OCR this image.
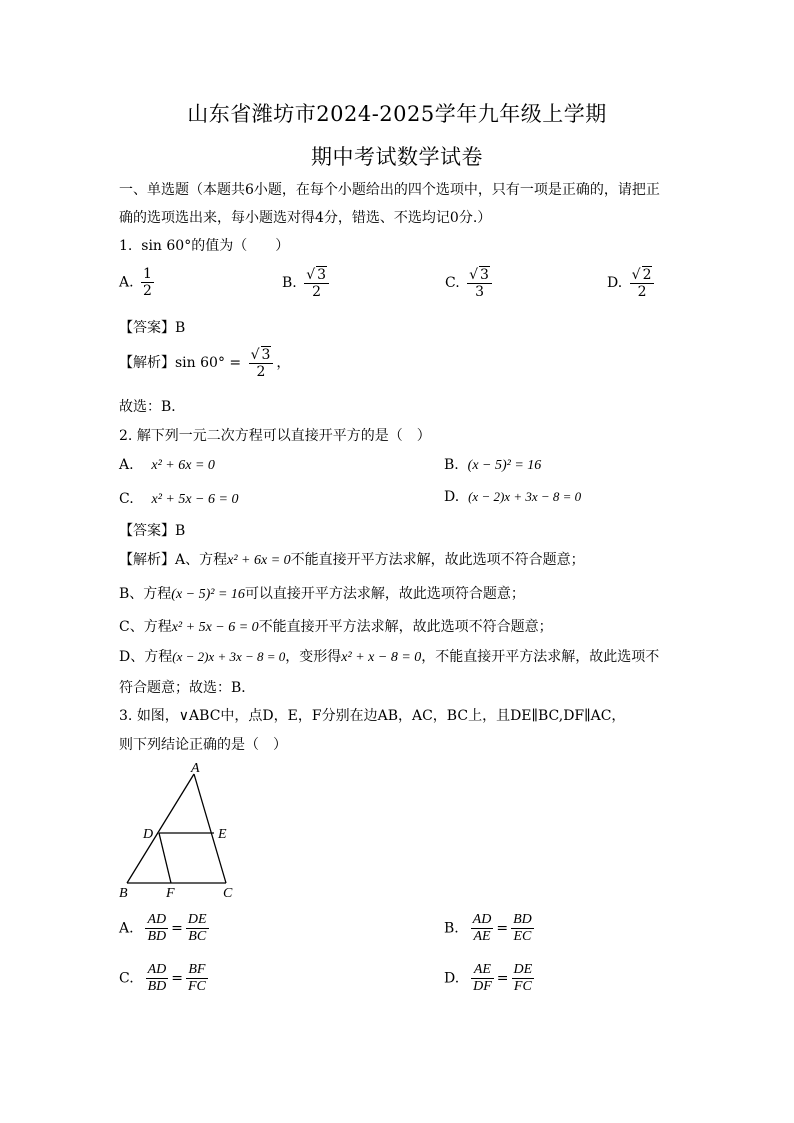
山东省潍坊市2024-2025学年九年级上学期
期中考试数学试卷
一、单选题（本题共6小题，在每个小题给出的四个选项中，只有一项是正确的，请把正
确的选项选出来，每小题选对得4分，错选、不选均记0分.）
1. sin 60°的值为（　　）
A. $\frac{1}{2}$	B. $\frac{√ 3}{2}$	C. $\frac{√ 3}{3}$	D. $\frac{√ 2}{2}$
【答案】B
【解析】$\sin 60^\circ = \frac{√ 3}{2}$ ，
故选：B．
2. 解下列一元二次方程可以直接开平方的是（　）
A. x² + 6x = 0	B. (x − 5)² = 16
C. x² + 5x − 6 = 0	D. (x − 2)x + 3x − 8 = 0
【答案】B
【解析】A、方程x² + 6x = 0不能直接开平方法求解，故此选项不符合题意；
B、方程(x − 5)² = 16可以直接开平方法求解，故此选项符合题意；
C、方程x² + 5x − 6 = 0不能直接开平方法求解，故此选项不符合题意；
D、方程(x − 2)x + 3x − 8 = 0，变形得x² + x − 8 = 0，不能直接开平方法求解，故此选项不
符合题意；故选：B．
3. 如图，∨ABC中，点D，E，F分别在边AB，AC，BC上，且DE∥BC,DF∥AC，
则下列结论正确的是（　）
A
D	E
B	F	C
A. $\frac{AD}{BD} = \frac{DE}{BC}$	B. $\frac{AD}{AE} = \frac{BD}{EC}$
C. $\frac{AD}{BD} = \frac{BF}{FC}$	D. $\frac{AE}{DF} = \frac{DE}{FC}$
